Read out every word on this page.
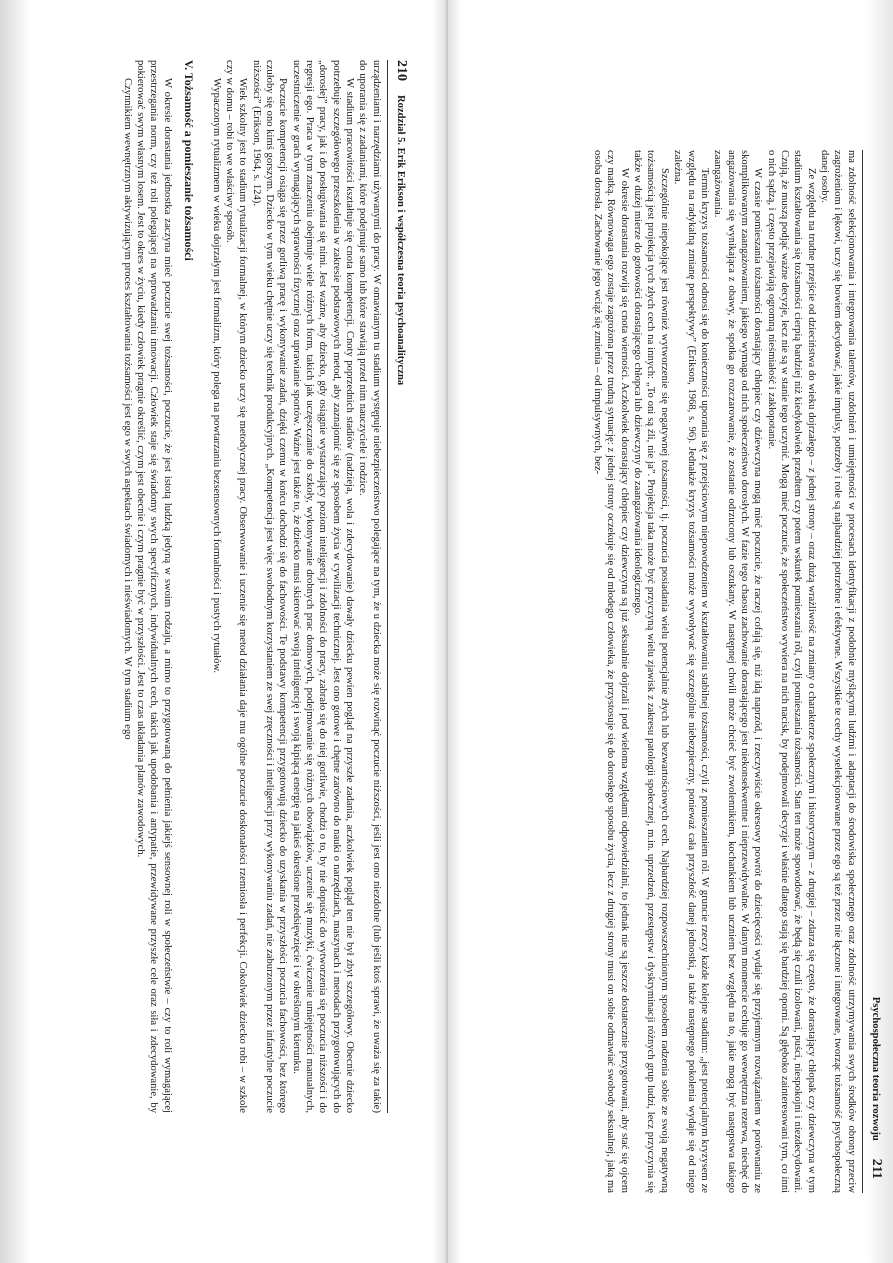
210
Rozdział 5. Erik Erikson i współczesna teoria psychoanalityczna

urządzeniami i narzędziami używanymi do pracy. W omawianym tu stadium występuje niebezpieczeństwo polegające na tym, że u dziecka może się rozwinąć poczucie niższości, jeśli jest ono niezdolne (lub jeśli ktoś sprawi, że uważa się za takie) do uporania się z zadaniami, które podejmuje samo lub które stawiają przed nim nauczyciele i rodzice.

W stadium pracowitości kształtuje się cnota kompetencji. Cnoty poprzednich stadiów (nadzieja, wola i zdecydowanie) dawały dziecku pewien pogląd na przyszłe zadania, aczkolwiek pogląd ten nie był zbyt szczegółowy. Obecnie dziecko potrzebuje szczegółowego przeszkolenia w zakresie podstawowych metod, aby zaznajomić się ze sposobem życia w cywilizacji technicznej. Jest ono gotowe i chętne zarówno do nauki o narzędziach, maszynach i metodach przygotowujących do „dorosłej” pracy, jak i do posługiwania się nimi. Jest ważne, aby dziecko, gdy osiągnie wystarczający poziom inteligencji i zdolności do pracy, zabrało się do niej gorliwie, chodzi o to, by nie dopuścić do wytworzenia się poczucia niższości i do regresji ego. Praca w tym znaczeniu obejmuje wiele różnych form, takich jak uczęszczanie do szkoły, wykonywanie drobnych prac domowych, podejmowanie się różnych obowiązków, uczenie się muzyki, ćwiczenie umiejętności manualnych, uczestniczenie w grach wymagających sprawności fizycznej oraz uprawianie sportów. Ważne jest także to, że dziecko musi skierować swoją inteligencję i swoją kipiącą energię na jakieś określone przedsięwzięcie i w określonym kierunku.

Poczucie kompetencji osiąga się przez gorliwą pracę i wykonywanie zadań, dzięki czemu w końcu dochodzi się do fachowości. Te podstawy kompetencji przygotowują dziecko do uzyskania w przyszłości poczucia fachowości, bez którego czułoby się ono kimś gorszym. Dziecko w tym wieku chętnie uczy się technik produkcyjnych. „Kompetencja jest więc swobodnym korzystaniem ze swej zręczności i inteligencji przy wykonywaniu zadań, nie zaburzonym przez infantylne poczucie niższości” (Erikson, 1964, s. 124).

Wiek szkolny jest to stadium rytualizacji formalnej, w którym dziecko uczy się metodycznej pracy. Obserwowanie i uczenie się metod działania daje mu ogólne poczucie doskonałości rzemiosła i perfekcji. Cokolwiek dziecko robi – w szkole czy w domu – robi to we właściwy sposób.

Wypaczonym rytualizmem w wieku dojrzałym jest formalizm, który polega na powtarzaniu bezsensownych formalności i pustych rytuałów.

V. Tożsamość a pomieszanie tożsamości

W okresie dorastania jednostka zaczyna mieć poczucie swej tożsamości, poczucie, że jest istotą ludzką jedyną w swoim rodzaju, a mimo to przygotowaną do pełnienia jakiejś sensownej roli w społeczeństwie – czy to roli wymagającej przestrzegania norm, czy też roli polegającej na wprowadzaniu innowacji. Człowiek staje się świadomy swych specyficznych, indywidualnych cech, takich jak upodobania i antypatie, przewidywane przyszłe cele oraz siła i zdecydowanie, by pokierować swym własnym losem. Jest to okres w życiu, kiedy człowiek pragnie określić, czym jest obecnie i czym pragnie być w przyszłości. Jest to czas układania planów zawodowych.

Czynnikiem wewnętrznym aktywizującym proces kształtowania tożsamości jest ego w swych aspektach świadomych i nieświadomych. W tym stadium ego

Psychospołeczna teoria rozwoju
211

ma zdolność selekcjonowania i integrowania talentów, uzdolnień i umiejętności w procesach identyfikacji z podobnie myślącymi ludźmi i adaptacji do środowiska społecznego oraz zdolność utrzymywania swych środków obrony przeciw zagrożeniom i lękowi, uczy się bowiem decydować, jakie impulsy, potrzeby i role są najbardziej potrzebne i efektywne. Wszystkie te cechy wyselekcjonowane przez ego są też przez nie łączone i integrowane, tworząc tożsamość psychospołeczną danej osoby.

Ze względu na trudne przejście od dzieciństwa do wieku dojrzałego – z jednej strony – oraz dużą wrażliwość na zmiany o charakterze społecznym i historycznym – z drugiej – zdarza się często, że dorastający chłopak czy dziewczyna w tym stadium kształtowania się tożsamości cierpią bardziej niż kiedykolwiek przedtem czy potem wskutek pomieszania ról, czyli pomieszania tożsamości. Stan ten może spowodować, że będą się czuli izolowani, puści, niespokojni i niezdecydowani. Czują, że muszą podjąć ważne decyzje, lecz nie są w stanie tego uczynić. Mogą mieć poczucie, że społeczeństwo wywiera na nich nacisk, by podejmowali decyzje i właśnie dlatego stają się bardziej oporni. Są głęboko zainteresowani tym, co inni o nich sądzą, i często przejawiają ogromną nieśmiałość i zakłopotanie.

W czasie pomieszania tożsamości dorastający chłopiec czy dziewczyna mogą mieć poczucie, że raczej cofają się, niż idą naprzód, i rzeczywiście okresowy powrót do dziecięcości wydaje się przyjemnym rozwiązaniem w porównaniu ze skomplikowanym zaangażowaniem, jakiego wymaga od nich społeczeństwo dorosłych. W fazie tego chaosu zachowanie dorastającego jest niekonsekwentne i nieprzewidywalne. W danym momencie cechuje go wewnętrzna rezerwa, niechęć do angażowania się wynikająca z obawy, że spotka go rozczarowanie, że zostanie odrzucony lub oszukany. W następnej chwili może chcieć być zwolennikiem, kochankiem lub uczniem bez względu na to, jakie mogą być następstwa takiego zaangażowania.

Termin kryzys tożsamości odnosi się do konieczności uporania się z przejściowym niepowodzeniem w kształtowaniu stabilnej tożsamości, czyli z pomieszaniem ról. W gruncie rzeczy każde kolejne stadium: „jest potencjalnym kryzysem ze względu na radykalną zmianę perspektywy” (Erikson, 1968, s. 96). Jednakże kryzys tożsamości może wywoływać się szczególnie niebezpieczny, ponieważ cała przyszłość danej jednostki, a także następnego pokolenia wydaje się od niego zależna.

Szczególnie niepokojące jest również wytworzenie się negatywnej tożsamości, tj. poczucia posiadania wielu potencjalnie złych lub bezwartościowych cech. Najbardziej rozpowszechnionym sposobem radzenia sobie ze swoją negatywną tożsamością jest projekcja tych złych cech na innych: „To oni są źli, nie ja”. Projekcja taka może być przyczyną wielu zjawisk z zakresu patologii społecznej, m.in. uprzedzeń, przestępstw i dyskryminacji różnych grup ludzi, lecz przyczynia się także w dużej mierze do gotowości dorastającego chłopca lub dziewczyny do zaangażowania ideologicznego.

W okresie dorastania rozwija się cnota wierności. Aczkolwiek dorastający chłopiec czy dziewczyna są już seksualnie dojrzali i pod wieloma względami odpowiedzialni, to jednak nie są jeszcze dostatecznie przygotowani, aby stać się ojcem czy matką. Równowaga ego zostaje zagrożona przez trudną sytuację: z jednej strony oczekuje się od młodego człowieka, że przystosuje się do dorosłego sposobu życia, lecz z drugiej strony musi on sobie odmawiać swobody seksualnej, jaką ma osoba dorosła. Zachowanie jego wciąż się zmienia – od impulsywnych, bez-
